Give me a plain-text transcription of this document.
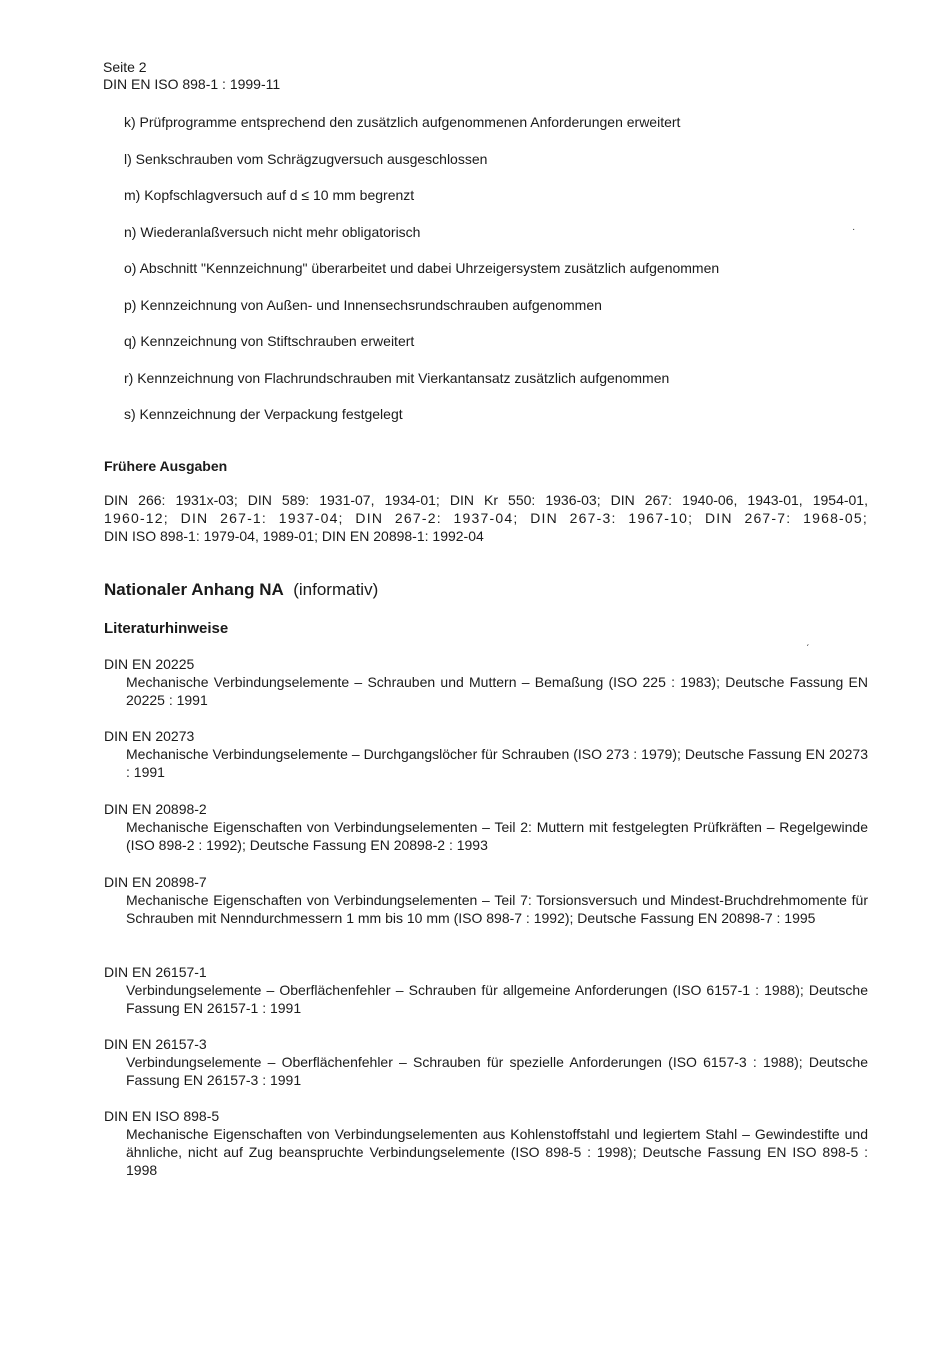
Seite 2
DIN EN ISO 898-1 : 1999-11
k) Prüfprogramme entsprechend den zusätzlich aufgenommenen Anforderungen erweitert
l) Senkschrauben vom Schrägzugversuch ausgeschlossen
m) Kopfschlagversuch auf d ≤ 10 mm begrenzt
n) Wiederanlaßversuch nicht mehr obligatorisch
o) Abschnitt "Kennzeichnung" überarbeitet und dabei Uhrzeigersystem zusätzlich aufgenommen
p) Kennzeichnung von Außen- und Innensechsrundschrauben aufgenommen
q) Kennzeichnung von Stiftschrauben erweitert
r) Kennzeichnung von Flachrundschrauben mit Vierkantansatz zusätzlich aufgenommen
s) Kennzeichnung der Verpackung festgelegt
·
Frühere Ausgaben
DIN 266: 1931x-03; DIN 589: 1931-07, 1934-01; DIN Kr 550: 1936-03; DIN 267: 1940-06, 1943-01, 1954-01,
1960-12; DIN 267-1: 1937-04; DIN 267-2: 1937-04; DIN 267-3: 1967-10; DIN 267-7: 1968-05;
DIN ISO 898-1: 1979-04, 1989-01; DIN EN 20898-1: 1992-04
Nationaler Anhang NA (informativ)
Literaturhinweise
ˊ
DIN EN 20225
Mechanische Verbindungselemente – Schrauben und Muttern – Bemaßung (ISO 225 : 1983); Deutsche Fassung EN 20225 : 1991
DIN EN 20273
Mechanische Verbindungselemente – Durchgangslöcher für Schrauben (ISO 273 : 1979); Deutsche Fassung EN 20273 : 1991
DIN EN 20898-2
Mechanische Eigenschaften von Verbindungselementen – Teil 2: Muttern mit festgelegten Prüfkräften – Regelgewinde (ISO 898-2 : 1992); Deutsche Fassung EN 20898-2 : 1993
DIN EN 20898-7
Mechanische Eigenschaften von Verbindungselementen – Teil 7: Torsionsversuch und Mindest-Bruchdrehmomente für Schrauben mit Nenndurchmessern 1 mm bis 10 mm (ISO 898-7 : 1992); Deutsche Fassung EN 20898-7 : 1995
DIN EN 26157-1
Verbindungselemente – Oberflächenfehler – Schrauben für allgemeine Anforderungen (ISO 6157-1 : 1988); Deutsche Fassung EN 26157-1 : 1991
DIN EN 26157-3
Verbindungselemente – Oberflächenfehler – Schrauben für spezielle Anforderungen (ISO 6157-3 : 1988); Deutsche Fassung EN 26157-3 : 1991
DIN EN ISO 898-5
Mechanische Eigenschaften von Verbindungselementen aus Kohlenstoffstahl und legiertem Stahl – Gewindestifte und ähnliche, nicht auf Zug beanspruchte Verbindungselemente (ISO 898-5 : 1998); Deutsche Fassung EN ISO 898-5 : 1998
